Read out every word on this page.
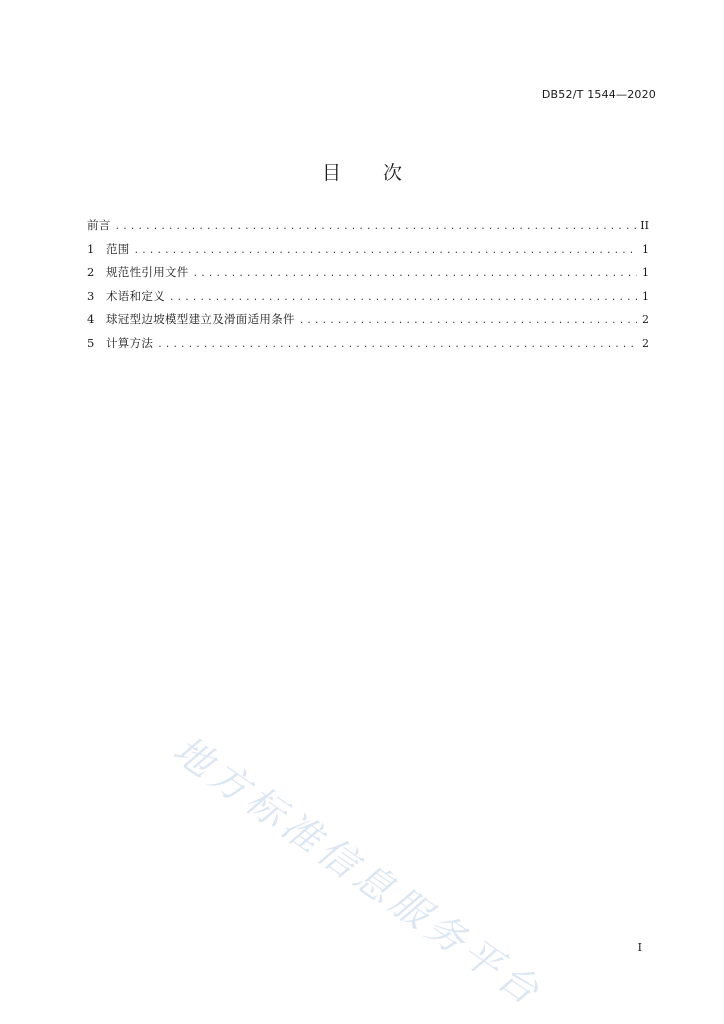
DB52/T 1544—2020
目 次
前言 .....	II
1	范围 .....	1
2	规范性引用文件 .....	1
3	术语和定义 .....	1
4	球冠型边坡模型建立及滑面适用条件 .....	2
5	计算方法 .....	2
地方标准信息服务平台	I
